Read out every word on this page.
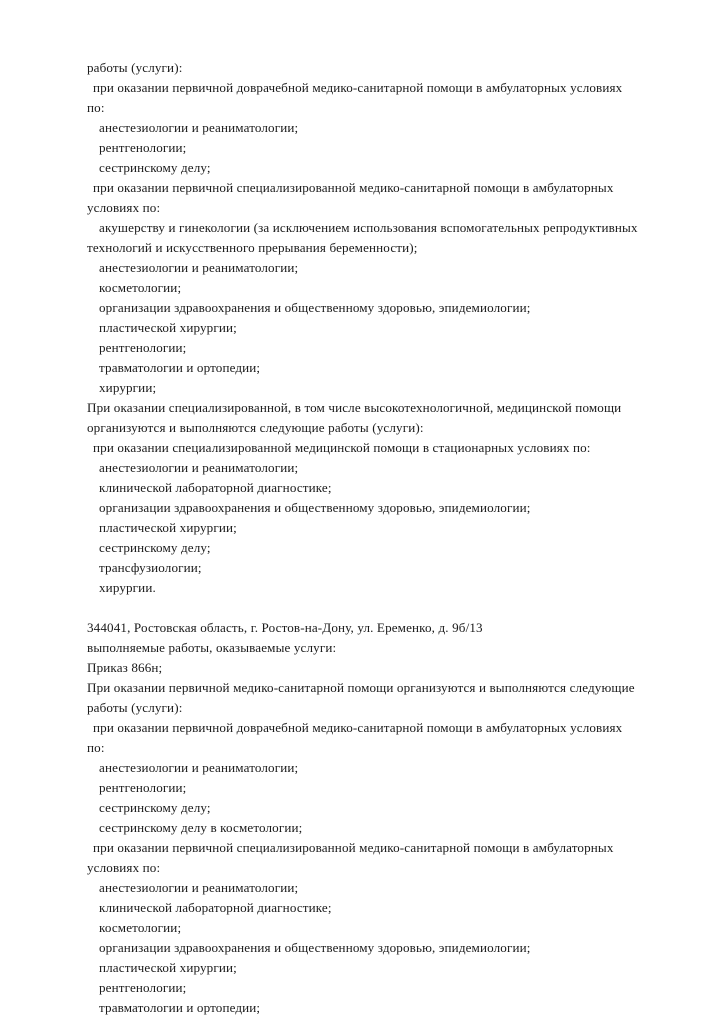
работы (услуги):
при оказании первичной доврачебной медико-санитарной помощи в амбулаторных условиях
по:
анестезиологии и реаниматологии;
рентгенологии;
сестринскому делу;
при оказании первичной специализированной медико-санитарной помощи в амбулаторных
условиях по:
акушерству и гинекологии (за исключением использования вспомогательных репродуктивных
технологий и искусственного прерывания беременности);
анестезиологии и реаниматологии;
косметологии;
организации здравоохранения и общественному здоровью, эпидемиологии;
пластической хирургии;
рентгенологии;
травматологии и ортопедии;
хирургии;
При оказании специализированной, в том числе высокотехнологичной, медицинской помощи
организуются и выполняются следующие работы (услуги):
при оказании специализированной медицинской помощи в стационарных условиях по:
анестезиологии и реаниматологии;
клинической лабораторной диагностике;
организации здравоохранения и общественному здоровью, эпидемиологии;
пластической хирургии;
сестринскому делу;
трансфузиологии;
хирургии.
344041, Ростовская область, г. Ростов-на-Дону, ул. Еременко, д. 9б/13
выполняемые работы, оказываемые услуги:
Приказ 866н;
При оказании первичной медико-санитарной помощи организуются и выполняются следующие
работы (услуги):
при оказании первичной доврачебной медико-санитарной помощи в амбулаторных условиях
по:
анестезиологии и реаниматологии;
рентгенологии;
сестринскому делу;
сестринскому делу в косметологии;
при оказании первичной специализированной медико-санитарной помощи в амбулаторных
условиях по:
анестезиологии и реаниматологии;
клинической лабораторной диагностике;
косметологии;
организации здравоохранения и общественному здоровью, эпидемиологии;
пластической хирургии;
рентгенологии;
травматологии и ортопедии;
